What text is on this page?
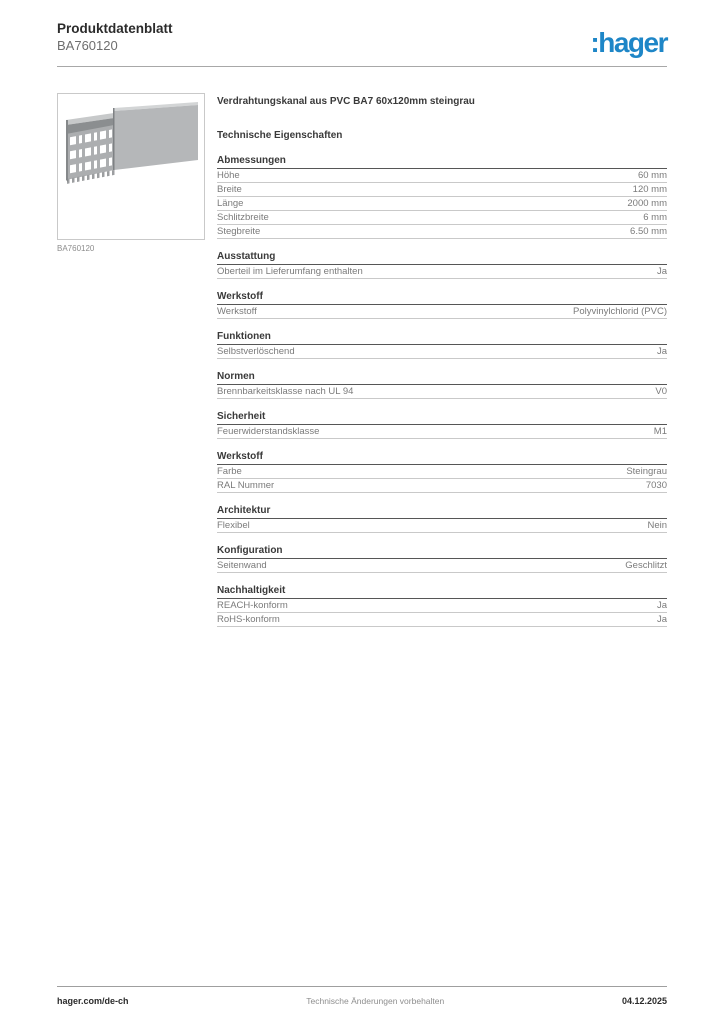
Produktdatenblatt
BA760120	:hager
BA760120
Verdrahtungskanal aus PVC BA7 60x120mm steingrau
Technische Eigenschaften
Abmessungen
Höhe	60 mm
Breite	120 mm
Länge	2000 mm
Schlitzbreite	6 mm
Stegbreite	6.50 mm
Ausstattung
Oberteil im Lieferumfang enthalten	Ja
Werkstoff
Werkstoff	Polyvinylchlorid (PVC)
Funktionen
Selbstverlöschend	Ja
Normen
Brennbarkeitsklasse nach UL 94	V0
Sicherheit
Feuerwiderstandsklasse	M1
Werkstoff
Farbe	Steingrau
RAL Nummer	7030
Architektur
Flexibel	Nein
Konfiguration
Seitenwand	Geschlitzt
Nachhaltigkeit
REACH-konform	Ja
RoHS-konform	Ja
hager.com/de-ch	Technische Änderungen vorbehalten	04.12.2025
